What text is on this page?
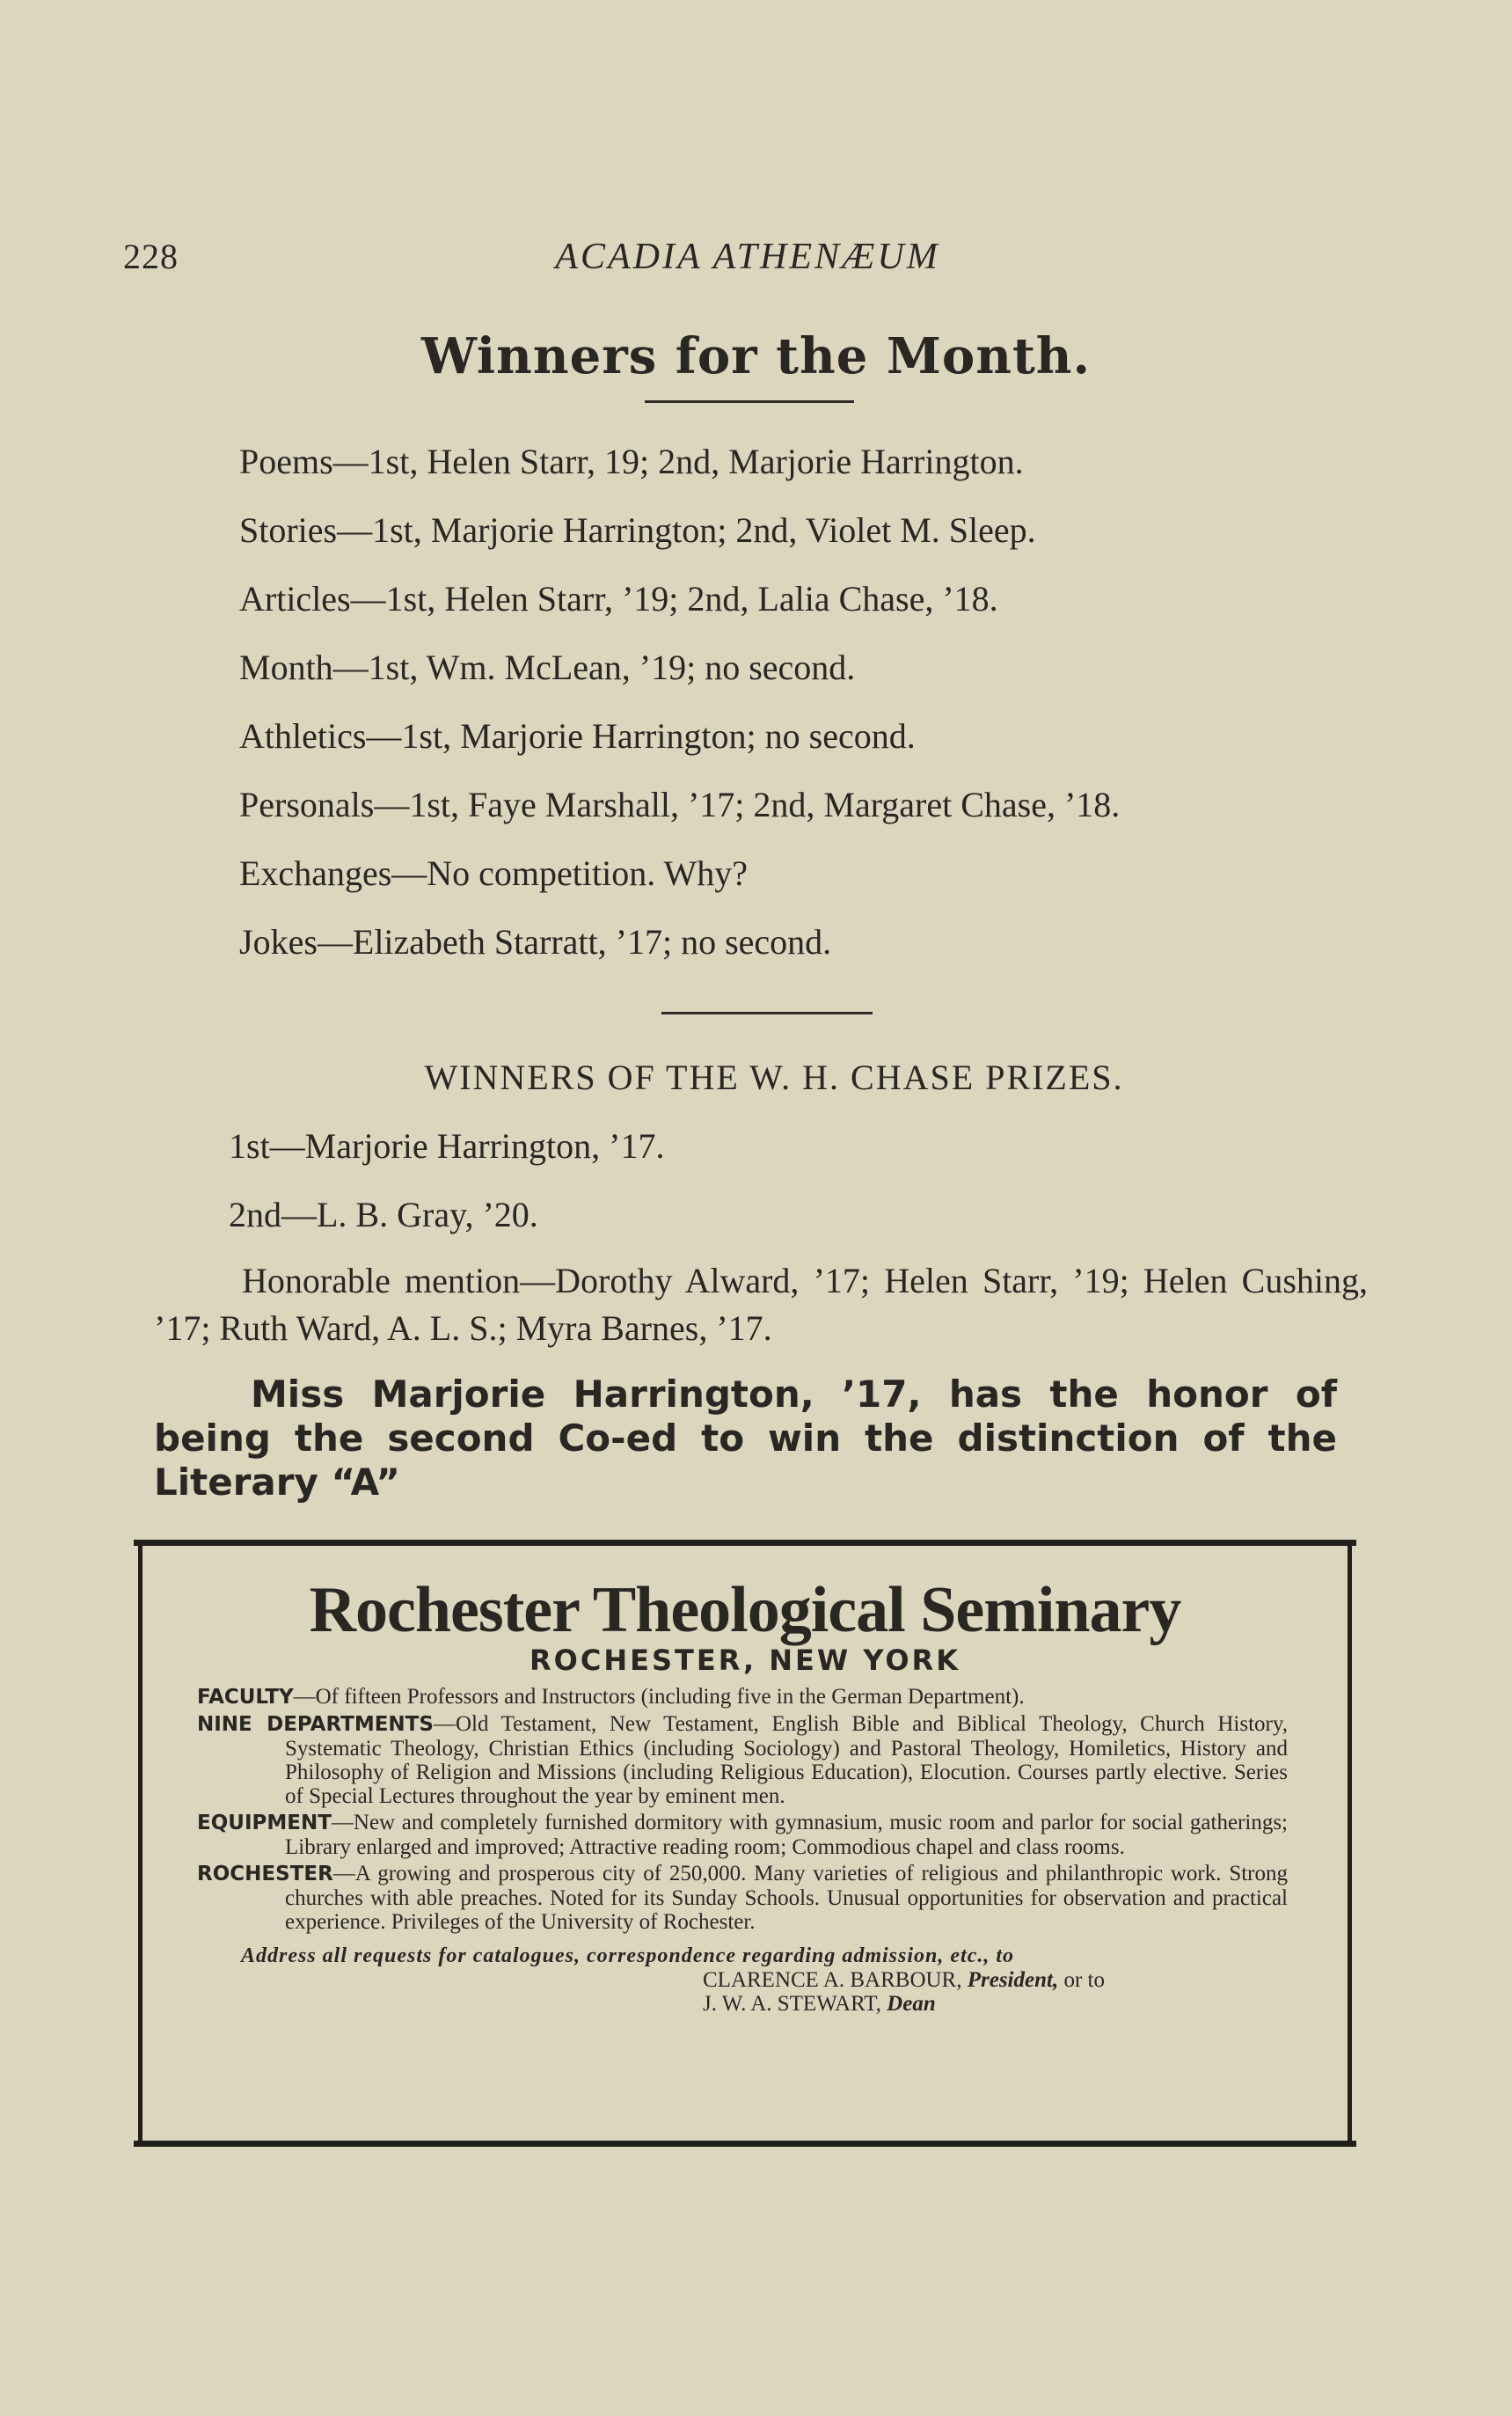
228	ACADIA ATHENÆUM
Winners for the Month.
Poems—1st, Helen Starr, 19; 2nd, Marjorie Harrington.
Stories—1st, Marjorie Harrington; 2nd, Violet M. Sleep.
Articles—1st, Helen Starr, ’19; 2nd, Lalia Chase, ’18.
Month—1st, Wm. McLean, ’19; no second.
Athletics—1st, Marjorie Harrington; no second.
Personals—1st, Faye Marshall, ’17; 2nd, Margaret Chase, ’18.
Exchanges—No competition. Why?
Jokes—Elizabeth Starratt, ’17; no second.
WINNERS OF THE W. H. CHASE PRIZES.
1st—Marjorie Harrington, ’17.
2nd—L. B. Gray, ’20.
Honorable mention—Dorothy Alward, ’17; Helen Starr, ’19; Helen Cushing, ’17; Ruth Ward, A. L. S.; Myra Barnes, ’17.
Miss Marjorie Harrington, ’17, has the honor of being the second Co-ed to win the distinction of the Literary “A”
Rochester Theological Seminary
ROCHESTER, NEW YORK
FACULTY—Of fifteen Professors and Instructors (including five in the German Department).
NINE DEPARTMENTS—Old Testament, New Testament, English Bible and Biblical Theology, Church History, Systematic Theology, Christian Ethics (including Sociology) and Pastoral Theology, Homiletics, History and Philosophy of Religion and Missions (including Religious Education), Elocution. Courses partly elective. Series of Special Lectures throughout the year by eminent men.
EQUIPMENT—New and completely furnished dormitory with gymnasium, music room and parlor for social gatherings; Library enlarged and improved; Attractive reading room; Commodious chapel and class rooms.
ROCHESTER—A growing and prosperous city of 250,000. Many varieties of religious and philanthropic work. Strong churches with able preaches. Noted for its Sunday Schools. Unusual opportunities for observation and practical experience. Privileges of the University of Rochester.
Address all requests for catalogues, correspondence regarding admission, etc., to
CLARENCE A. BARBOUR, President, or to
J. W. A. STEWART, Dean
